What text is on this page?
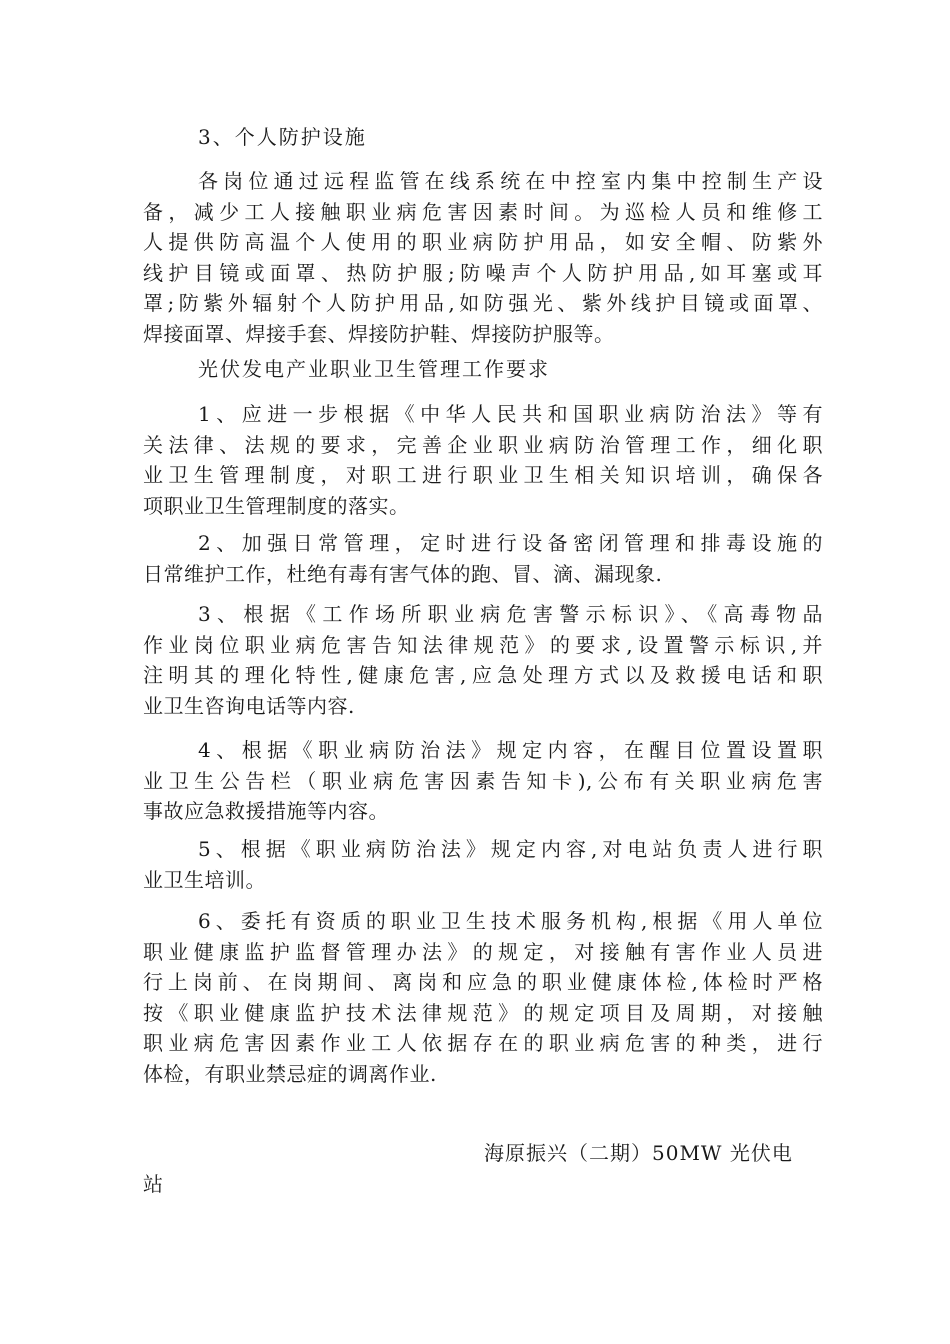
3、个人防护设施
各岗位通过远程监管在线系统在中控室内集中控制生产设
备，减少工人接触职业病危害因素时间。为巡检人员和维修工
人提供防高温个人使用的职业病防护用品，如安全帽、防紫外
线护目镜或面罩、热防护服;防噪声个人防护用品,如耳塞或耳
罩;防紫外辐射个人防护用品,如防强光、紫外线护目镜或面罩、
焊接面罩、焊接手套、焊接防护鞋、焊接防护服等。
光伏发电产业职业卫生管理工作要求
1、应进一步根据《中华人民共和国职业病防治法》等有
关法律、法规的要求，完善企业职业病防治管理工作，细化职
业卫生管理制度，对职工进行职业卫生相关知识培训，确保各
项职业卫生管理制度的落实。
2、加强日常管理，定时进行设备密闭管理和排毒设施的
日常维护工作，杜绝有毒有害气体的跑、冒、滴、漏现象.
3、根据《工作场所职业病危害警示标识》、《高毒物品
作业岗位职业病危害告知法律规范》的要求,设置警示标识,并
注明其的理化特性,健康危害,应急处理方式以及救援电话和职
业卫生咨询电话等内容.
4、根据《职业病防治法》规定内容，在醒目位置设置职
业卫生公告栏（职业病危害因素告知卡),公布有关职业病危害
事故应急救援措施等内容。
5、根据《职业病防治法》规定内容,对电站负责人进行职
业卫生培训。
6、委托有资质的职业卫生技术服务机构,根据《用人单位
职业健康监护监督管理办法》的规定，对接触有害作业人员进
行上岗前、在岗期间、离岗和应急的职业健康体检,体检时严格
按《职业健康监护技术法律规范》的规定项目及周期，对接触
职业病危害因素作业工人依据存在的职业病危害的种类，进行
体检，有职业禁忌症的调离作业.
海原振兴（二期）50MW 光伏电
站
